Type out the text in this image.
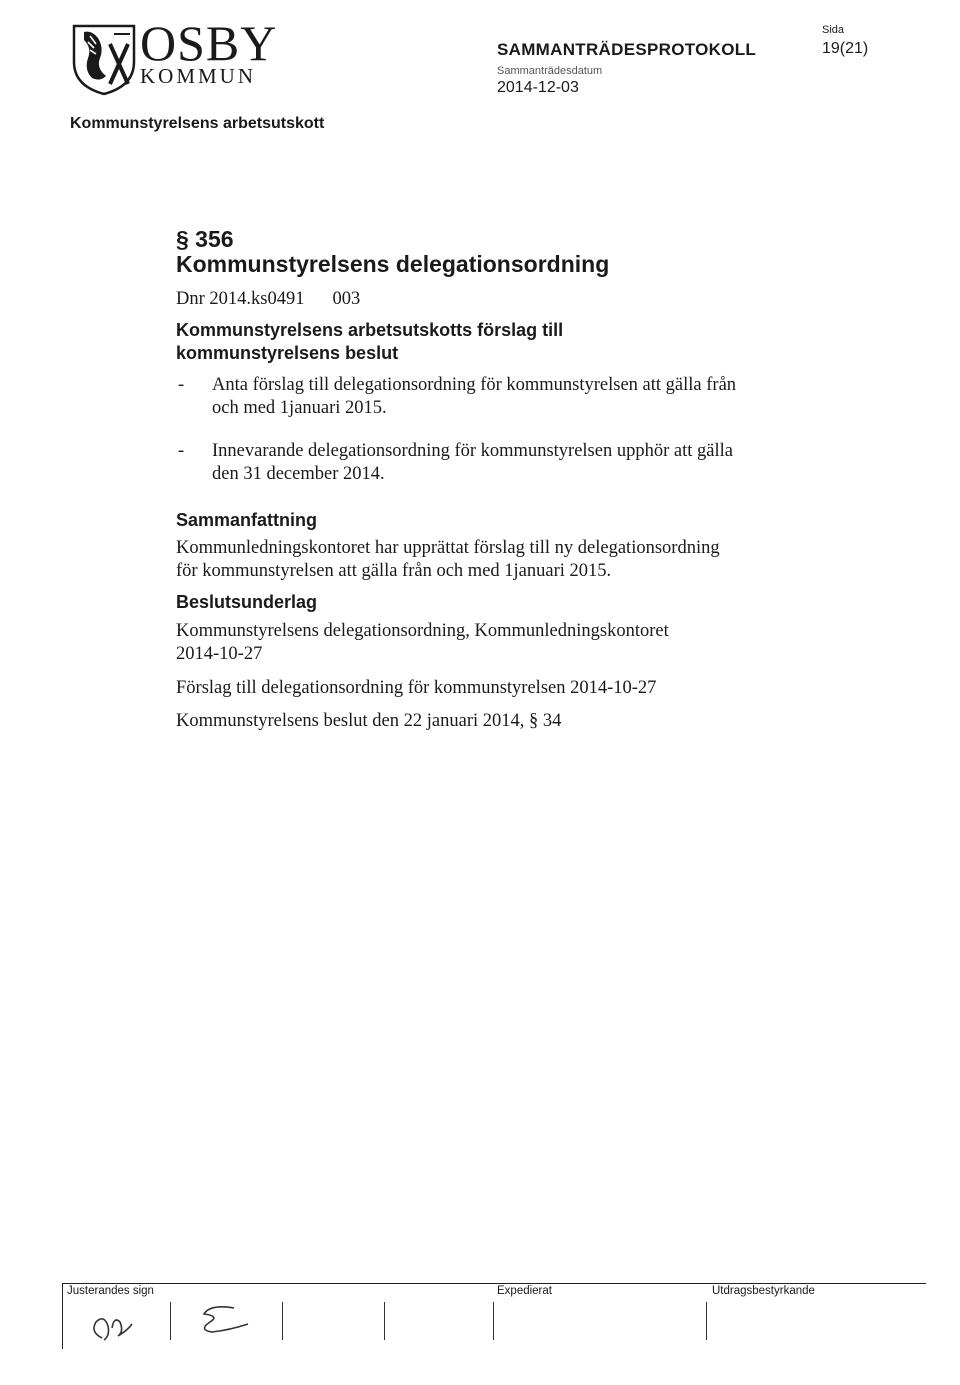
OSBY
KOMMUN
SAMMANTRÄDESPROTOKOLL
Sammanträdesdatum
2014-12-03
Sida
19(21)
Kommunstyrelsens arbetsutskott
§ 356
Kommunstyrelsens delegationsordning
Dnr 2014.ks0491 003
Kommunstyrelsens arbetsutskotts förslag till
kommunstyrelsens beslut
- Anta förslag till delegationsordning för kommunstyrelsen att gälla från
och med 1januari 2015.
- Innevarande delegationsordning för kommunstyrelsen upphör att gälla
den 31 december 2014.
Sammanfattning
Kommunledningskontoret har upprättat förslag till ny delegationsordning
för kommunstyrelsen att gälla från och med 1januari 2015.
Beslutsunderlag
Kommunstyrelsens delegationsordning, Kommunledningskontoret
2014-10-27
Förslag till delegationsordning för kommunstyrelsen 2014-10-27
Kommunstyrelsens beslut den 22 januari 2014, § 34
Justerandes sign	Expedierat	Utdragsbestyrkande
